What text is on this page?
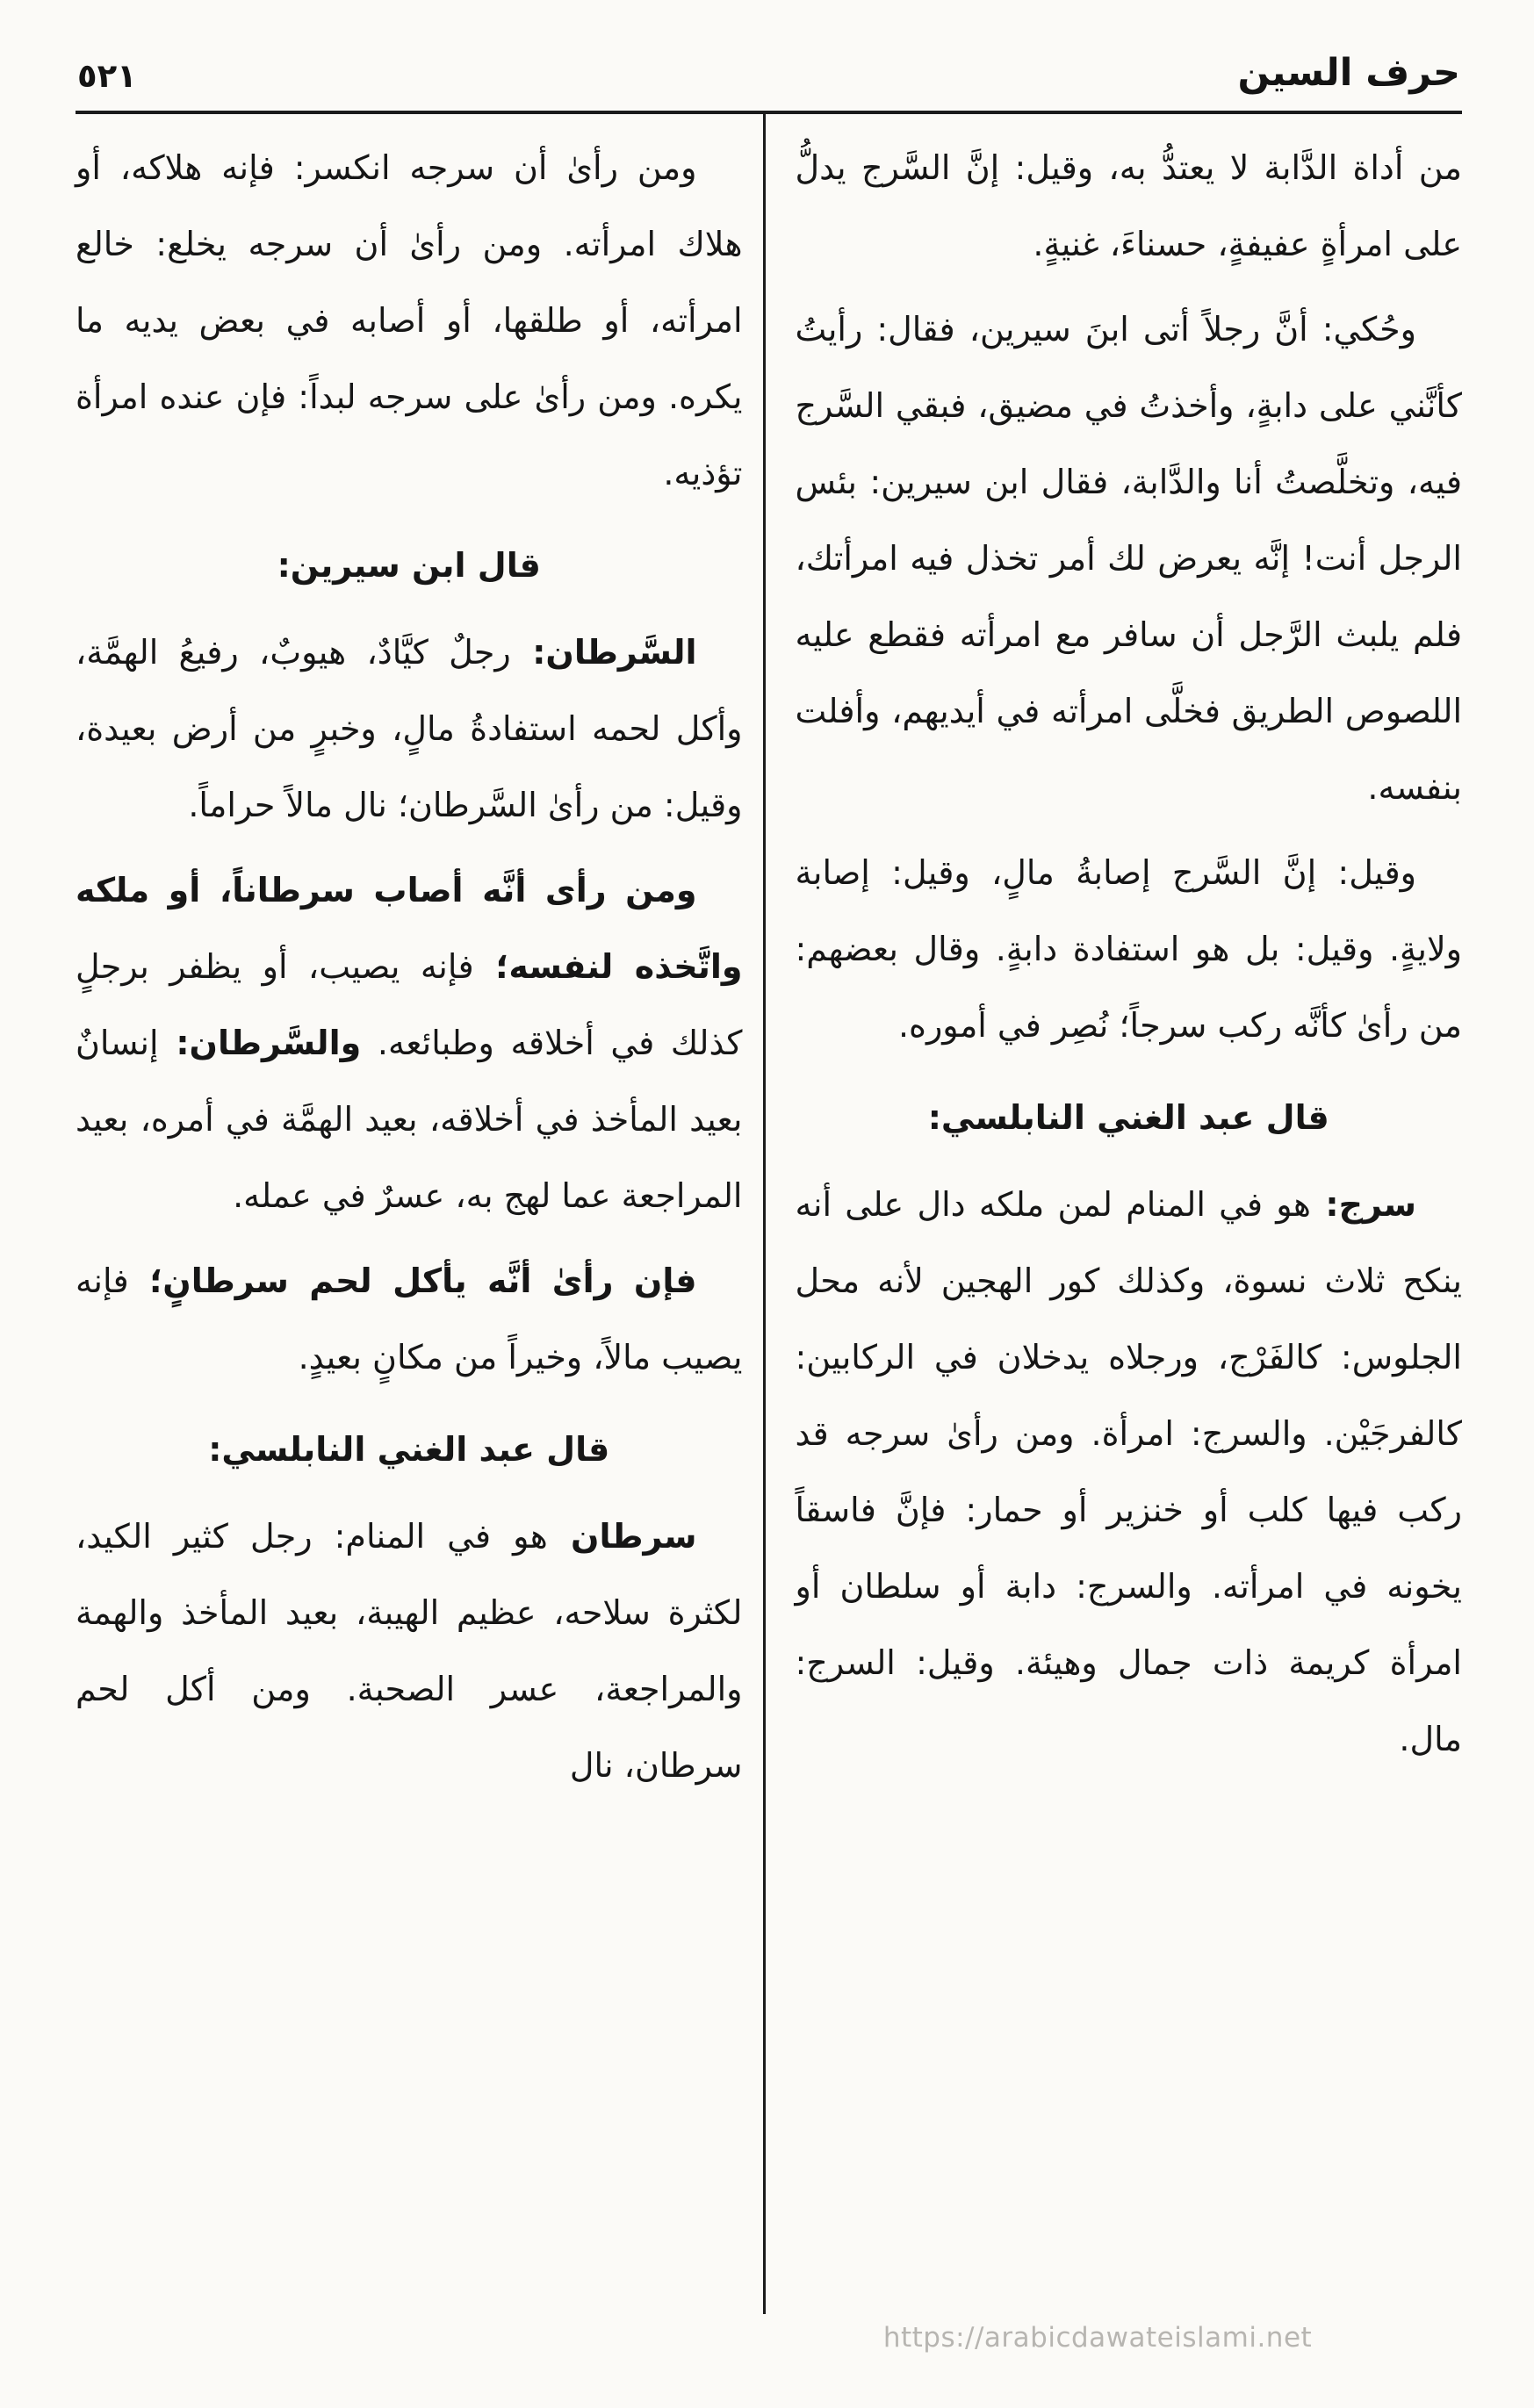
٥٢١	حرف السين
من أداة الدَّابة لا يعتدُّ به، وقيل: إنَّ السَّرج يدلُّ على امرأةٍ عفيفةٍ، حسناءَ، غنيةٍ.
وحُكي: أنَّ رجلاً أتى ابنَ سيرين، فقال: رأيتُ كأنَّني على دابةٍ، وأخذتُ في مضيق، فبقي السَّرج فيه، وتخلَّصتُ أنا والدَّابة، فقال ابن سيرين: بئس الرجل أنت! إنَّه يعرض لك أمر تخذل فيه امرأتك، فلم يلبث الرَّجل أن سافر مع امرأته فقطع عليه اللصوص الطريق فخلَّى امرأته في أيديهم، وأفلت بنفسه.
وقيل: إنَّ السَّرج إصابةُ مالٍ، وقيل: إصابة ولايةٍ. وقيل: بل هو استفادة دابةٍ. وقال بعضهم: من رأىٰ كأنَّه ركب سرجاً؛ نُصِر في أموره.
قال عبد الغني النابلسي:
سرج: هو في المنام لمن ملكه دال على أنه ينكح ثلاث نسوة، وكذلك كور الهجين لأنه محل الجلوس: كالفَرْج، ورجلاه يدخلان في الركابين: كالفرجَيْن. والسرج: امرأة. ومن رأىٰ سرجه قد ركب فيها كلب أو خنزير أو حمار: فإنَّ فاسقاً يخونه في امرأته. والسرج: دابة أو سلطان أو امرأة كريمة ذات جمال وهيئة. وقيل: السرج: مال.
ومن رأىٰ أن سرجه انكسر: فإنه هلاكه، أو هلاك امرأته. ومن رأىٰ أن سرجه يخلع: خالع امرأته، أو طلقها، أو أصابه في بعض يديه ما يكره. ومن رأىٰ على سرجه لبداً: فإن عنده امرأة تؤذيه.
قال ابن سيرين:
السَّرطان: رجلٌ كيَّادٌ، هيوبٌ، رفيعُ الهمَّة، وأكل لحمه استفادةُ مالٍ، وخبرٍ من أرض بعيدة، وقيل: من رأىٰ السَّرطان؛ نال مالاً حراماً.
ومن رأى أنَّه أصاب سرطاناً، أو ملكه واتَّخذه لنفسه؛ فإنه يصيب، أو يظفر برجلٍ كذلك في أخلاقه وطبائعه. والسَّرطان: إنسانٌ بعيد المأخذ في أخلاقه، بعيد الهمَّة في أمره، بعيد المراجعة عما لهج به، عسرٌ في عمله.
فإن رأىٰ أنَّه يأكل لحم سرطانٍ؛ فإنه يصيب مالاً، وخيراً من مكانٍ بعيدٍ.
قال عبد الغني النابلسي:
سرطان هو في المنام: رجل كثير الكيد، لكثرة سلاحه، عظيم الهيبة، بعيد المأخذ والهمة والمراجعة، عسر الصحبة. ومن أكل لحم سرطان، نال
https://arabicdawateislami.net
